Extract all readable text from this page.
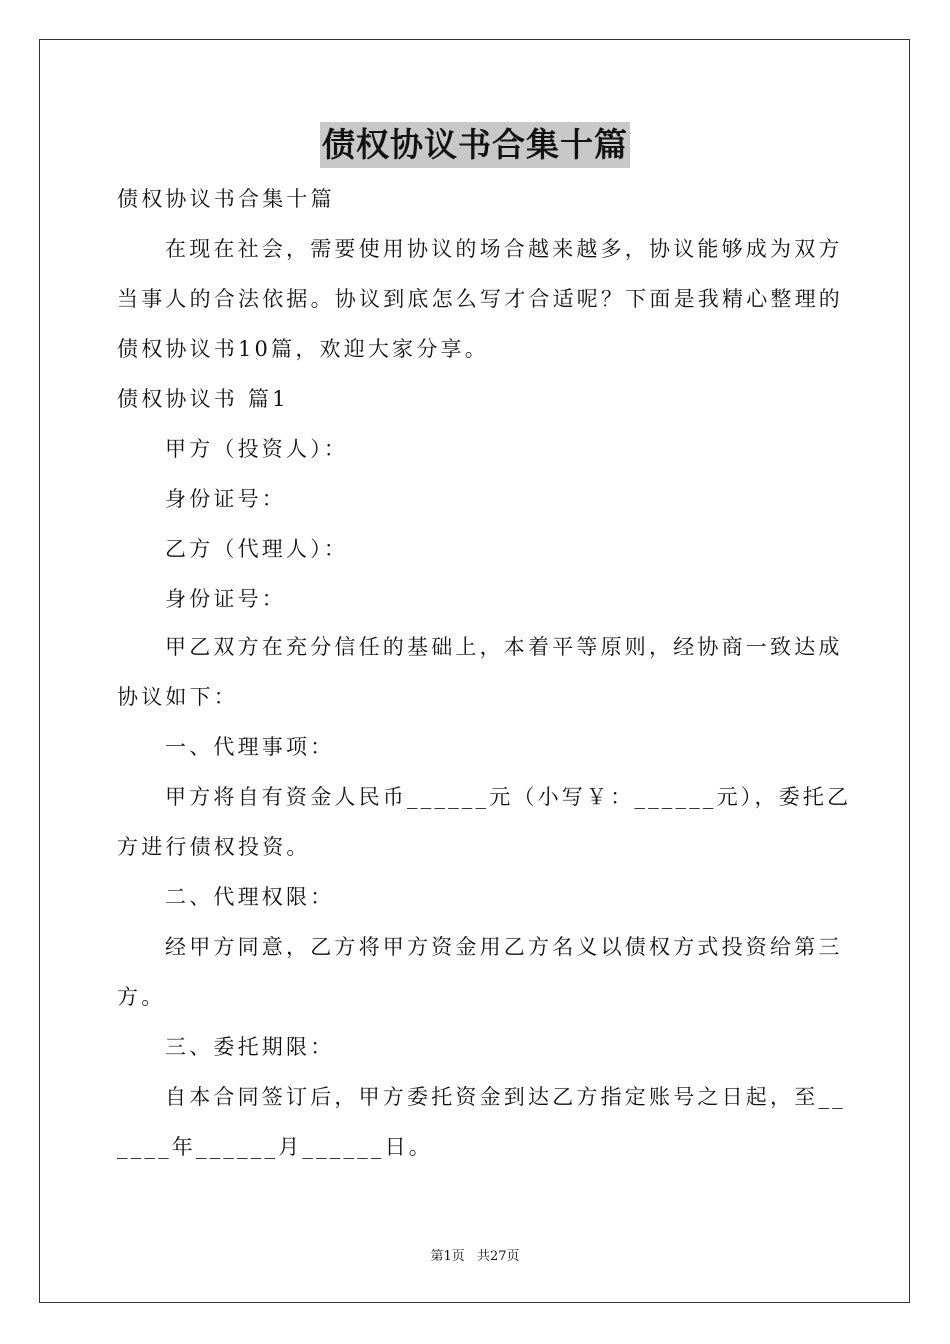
债权协议书合集十篇
债权协议书合集十篇
在现在社会，需要使用协议的场合越来越多，协议能够成为双方
当事人的合法依据。协议到底怎么写才合适呢？下面是我精心整理的
债权协议书10篇，欢迎大家分享。
债权协议书 篇1
甲方（投资人）：
身份证号：
乙方（代理人）：
身份证号：
甲乙双方在充分信任的基础上，本着平等原则，经协商一致达成
协议如下：
一、代理事项：
甲方将自有资金人民币______元（小写￥：______元），委托乙
方进行债权投资。
二、代理权限：
经甲方同意，乙方将甲方资金用乙方名义以债权方式投资给第三
方。
三、委托期限：
自本合同签订后，甲方委托资金到达乙方指定账号之日起，至__
____年______月______日。
第1页 共27页
